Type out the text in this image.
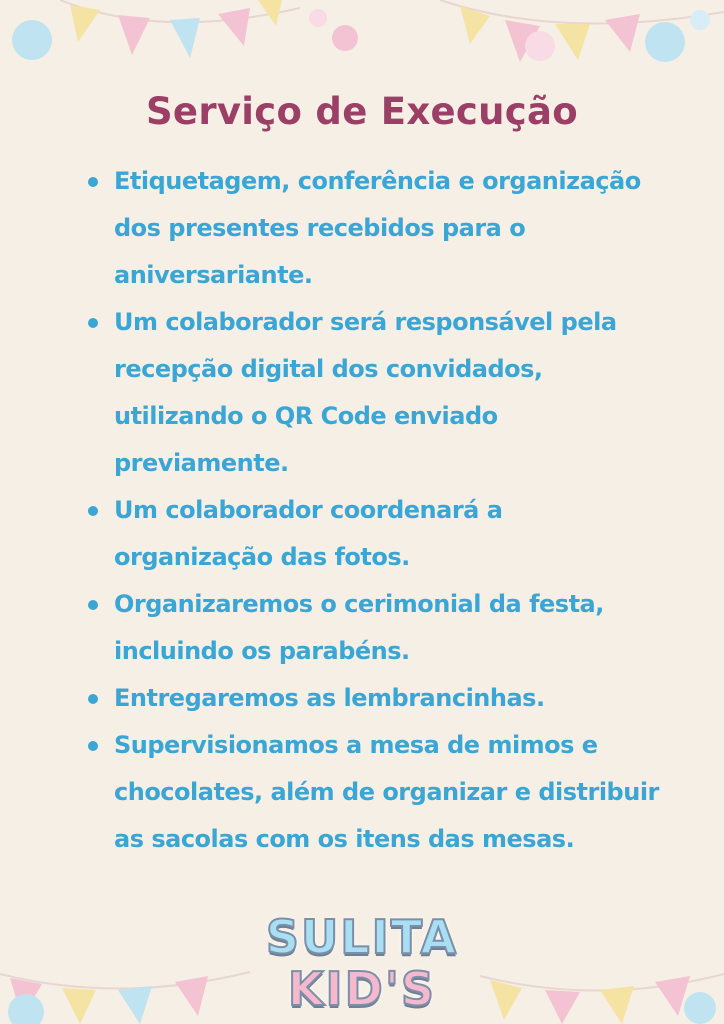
Serviço de Execução
Etiquetagem, conferência e organização dos presentes recebidos para o aniversariante.
Um colaborador será responsável pela recepção digital dos convidados, utilizando o QR Code enviado previamente.
Um colaborador coordenará a organização das fotos.
Organizaremos o cerimonial da festa, incluindo os parabéns.
Entregaremos as lembrancinhas.
Supervisionamos a mesa de mimos e chocolates, além de organizar e distribuir as sacolas com os itens das mesas.
SULITA
KID'S
